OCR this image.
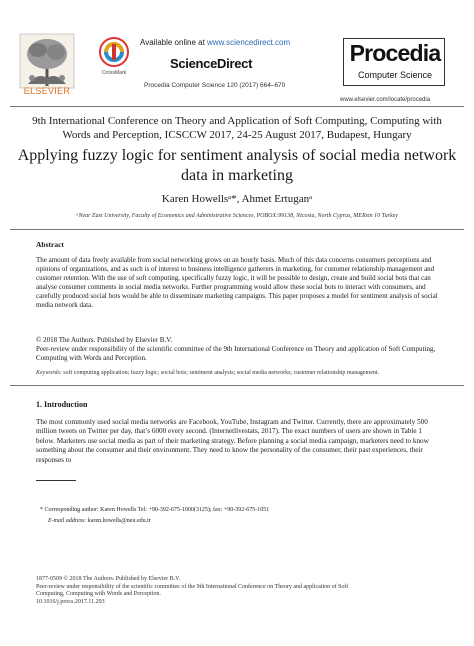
ELSEVIER
CrossMark
Available online at www.sciencedirect.com
ScienceDirect
Procedia Computer Science 120 (2017) 664–670
Procedia
Computer Science
www.elsevier.com/locate/procedia
9th International Conference on Theory and Application of Soft Computing, Computing with
Words and Perception, ICSCCW 2017, 24-25 August 2017, Budapest, Hungary
Applying fuzzy logic for sentiment analysis of social media network
data in marketing
Karen Howellsᵃ*, Ahmet Ertuganᵃ
ᵃNear East University, Faculty of Economics and Administrative Sciences, POBOX:99138, Nicosia, North Cyprus, MERsin 10 Turkey
Abstract
The amount of data freely available from social networking grows on an hourly basis. Much of this data concerns consumers perceptions and opinions of organizations, and as such is of interest to business intelligence gatherers in marketing, for customer relationship management and customer retention. With the use of soft computing, specifically fuzzy logic, it will be possible to design, create and build social bots that can analyse consumer comments in social media networks. Further programming would allow these social bots to interact with consumers, and carefully produced social bots would be able to disseminate marketing campaigns. This paper proposes a model for sentiment analysis of social media network data.
© 2018 The Authors. Published by Elsevier B.V.
Peer-review under responsibility of the scientific committee of the 9th International Conference on Theory and application of Soft Computing, Computing with Words and Perception.
Keywords: soft computing application; fuzzy logic; social bots; sentiment analysis; social media networks; customer relationship management.
1. Introduction
The most commonly used social media networks are Facebook, YouTube, Instagram and Twitter. Currently, there are approximately 500 million tweets on Twitter per day, that’s 6000 every second. (Internetlivestats, 2017). The exact numbers of users are shown in Table 1 below. Marketers use social media as part of their marketing strategy. Before planning a social media campaign, marketers need to know something about the consumer and their environment. They need to know the personality of the consumer, their past experiences, their responses to
* Corresponding author: Karen Howells Tel: +90-392-675-1000(3125); fax: +90-392-675-1051
E-mail address: karen.howells@neu.edu.tr
1877-0509 © 2018 The Authors. Published by Elsevier B.V.
Peer-review under responsibility of the scientific committee of the 9th International Conference on Theory and application of Soft
Computing, Computing with Words and Perception.
10.1016/j.procs.2017.11.293
